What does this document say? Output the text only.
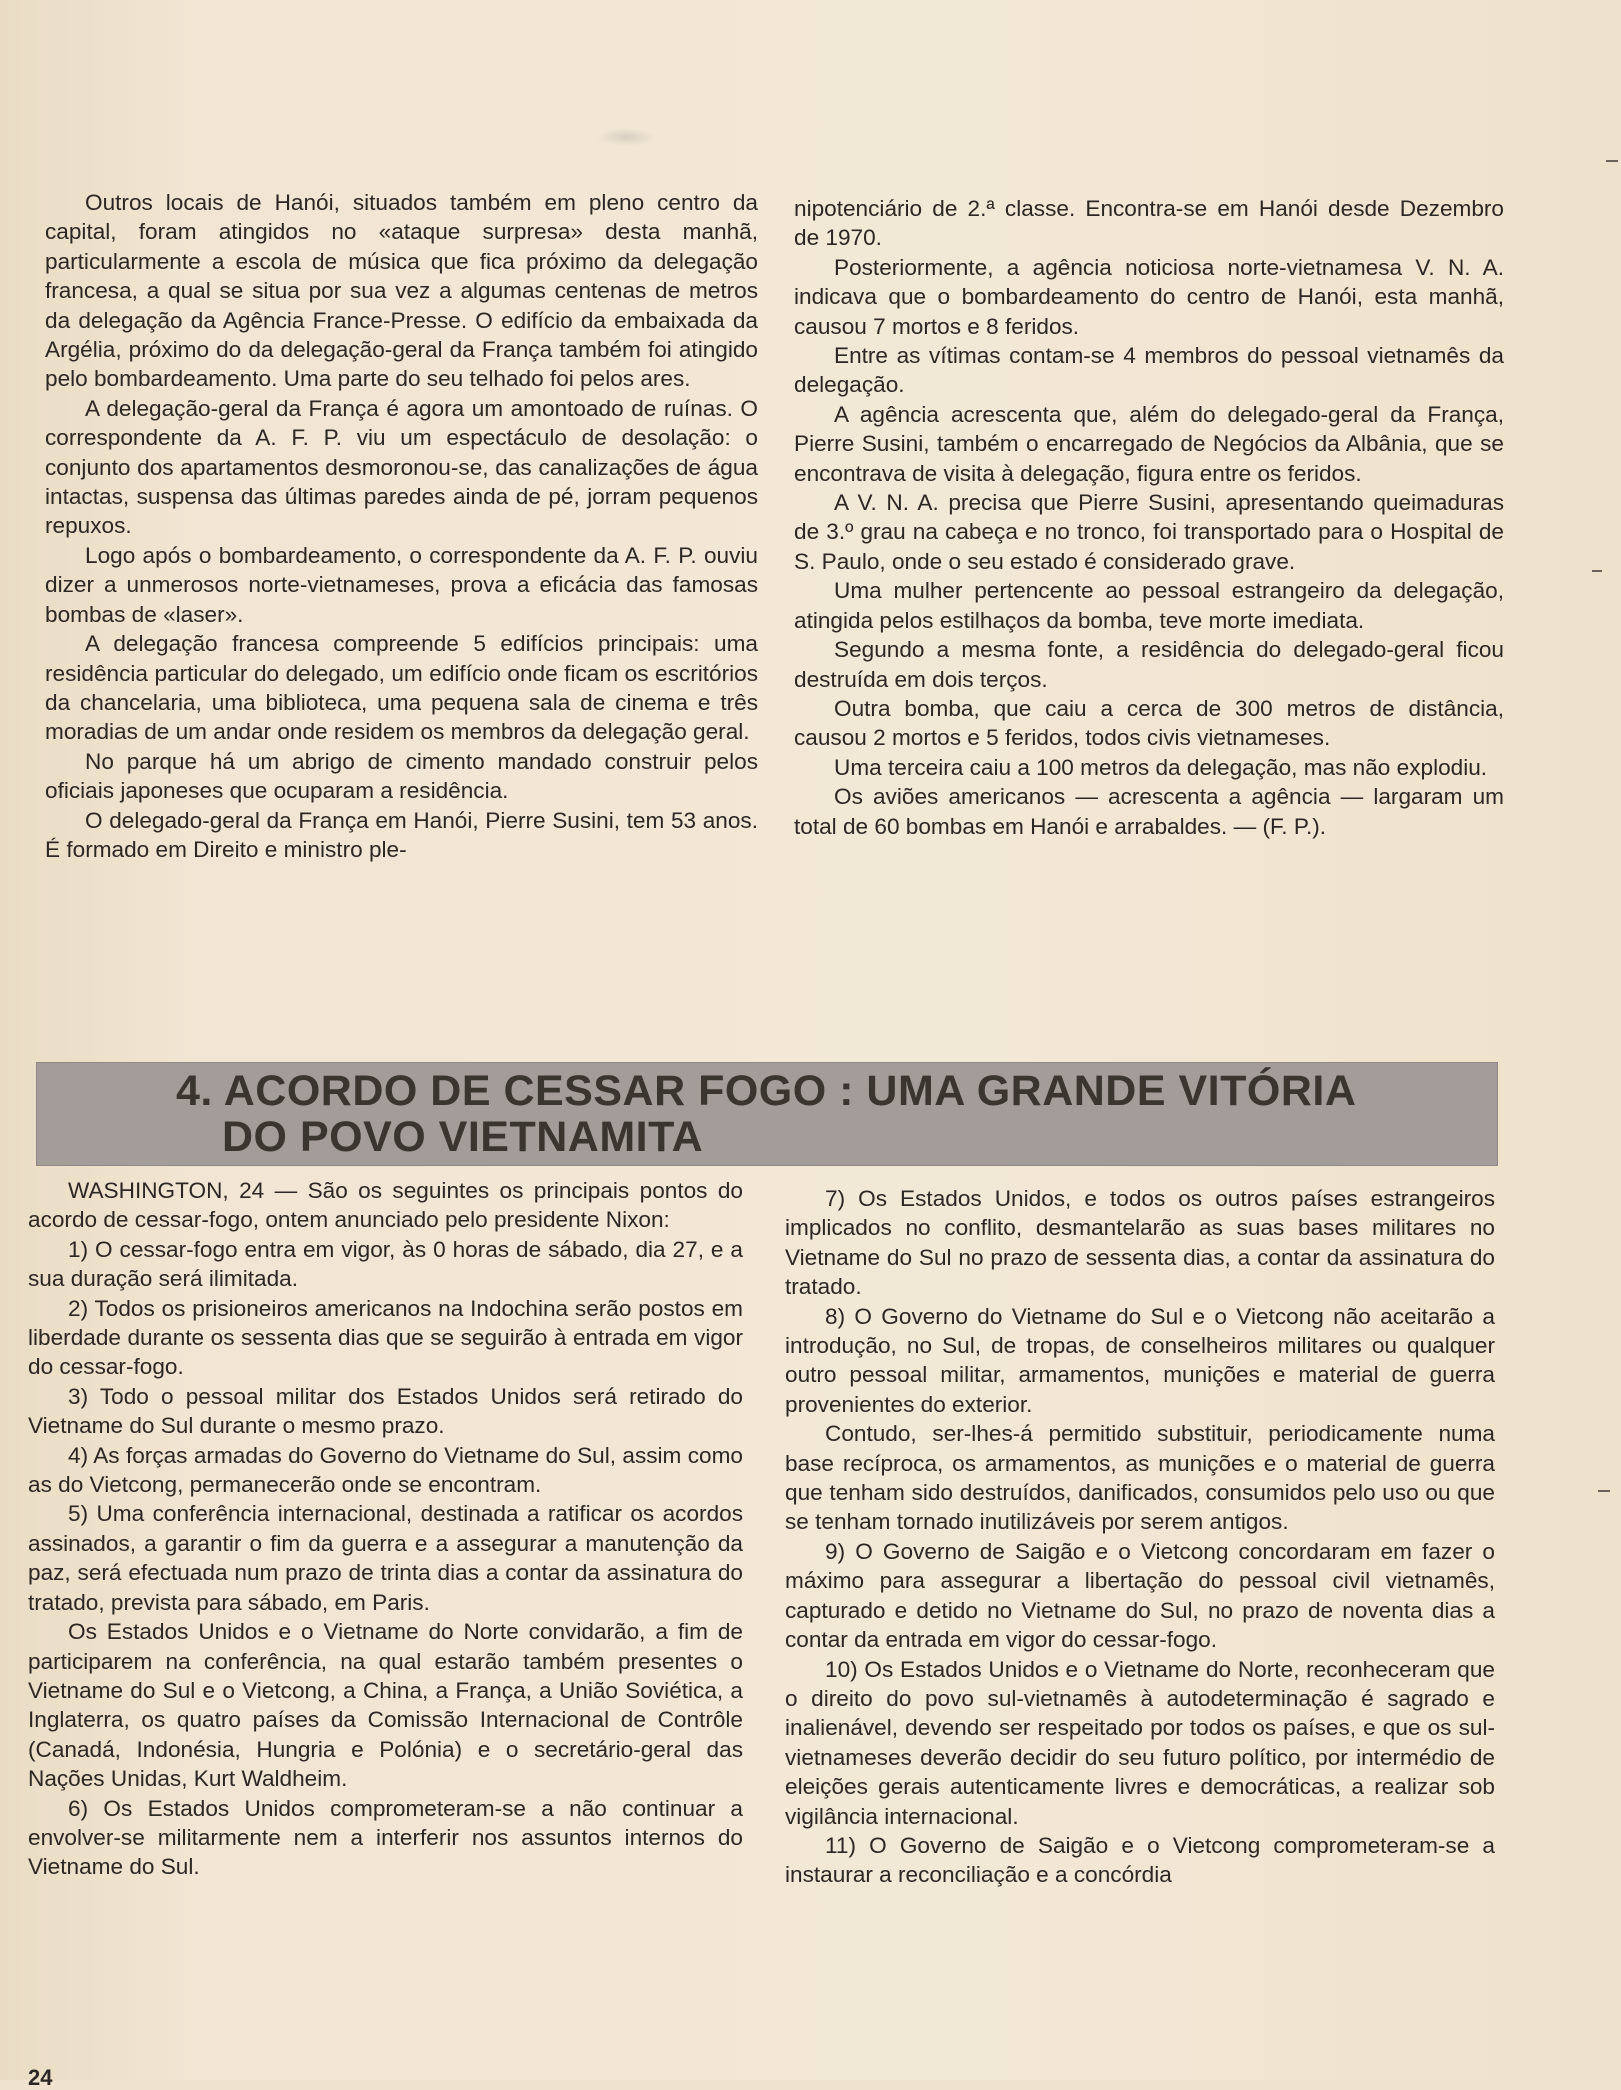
Outros locais de Hanói, situados também em pleno centro da capital, foram atingidos no «ataque surpresa» desta manhã, particularmente a escola de música que fica próximo da delegação francesa, a qual se situa por sua vez a algumas centenas de metros da delegação da Agência France-Presse. O edifício da embaixada da Argélia, próximo do da delegação-geral da França também foi atingido pelo bombardeamento. Uma parte do seu telhado foi pelos ares.

A delegação-geral da França é agora um amontoado de ruínas. O correspondente da A. F. P. viu um espectáculo de desolação: o conjunto dos apartamentos desmoronou-se, das canalizações de água intactas, suspensa das últimas paredes ainda de pé, jorram pequenos repuxos.

Logo após o bombardeamento, o correspondente da A. F. P. ouviu dizer a unmerosos norte-vietnameses, prova a eficácia das famosas bombas de «laser».

A delegação francesa compreende 5 edifícios principais: uma residência particular do delegado, um edifício onde ficam os escritórios da chancelaria, uma biblioteca, uma pequena sala de cinema e três moradias de um andar onde residem os membros da delegação geral.

No parque há um abrigo de cimento mandado construir pelos oficiais japoneses que ocuparam a residência.

O delegado-geral da França em Hanói, Pierre Susini, tem 53 anos. É formado em Direito e ministro ple-

nipotenciário de 2.ª classe. Encontra-se em Hanói desde Dezembro de 1970.

Posteriormente, a agência noticiosa norte-vietnamesa V. N. A. indicava que o bombardeamento do centro de Hanói, esta manhã, causou 7 mortos e 8 feridos.

Entre as vítimas contam-se 4 membros do pessoal vietnamês da delegação.

A agência acrescenta que, além do delegado-geral da França, Pierre Susini, também o encarregado de Negócios da Albânia, que se encontrava de visita à delegação, figura entre os feridos.

A V. N. A. precisa que Pierre Susini, apresentando queimaduras de 3.º grau na cabeça e no tronco, foi transportado para o Hospital de S. Paulo, onde o seu estado é considerado grave.

Uma mulher pertencente ao pessoal estrangeiro da delegação, atingida pelos estilhaços da bomba, teve morte imediata.

Segundo a mesma fonte, a residência do delegado-geral ficou destruída em dois terços.

Outra bomba, que caiu a cerca de 300 metros de distância, causou 2 mortos e 5 feridos, todos civis vietnameses.

Uma terceira caiu a 100 metros da delegação, mas não explodiu.

Os aviões americanos — acrescenta a agência — largaram um total de 60 bombas em Hanói e arrabaldes. — (F. P.).

4. ACORDO DE CESSAR FOGO : UMA GRANDE VITÓRIA
DO POVO VIETNAMITA

WASHINGTON, 24 — São os seguintes os principais pontos do acordo de cessar-fogo, ontem anunciado pelo presidente Nixon:

1) O cessar-fogo entra em vigor, às 0 horas de sábado, dia 27, e a sua duração será ilimitada.

2) Todos os prisioneiros americanos na Indochina serão postos em liberdade durante os sessenta dias que se seguirão à entrada em vigor do cessar-fogo.

3) Todo o pessoal militar dos Estados Unidos será retirado do Vietname do Sul durante o mesmo prazo.

4) As forças armadas do Governo do Vietname do Sul, assim como as do Vietcong, permanecerão onde se encontram.

5) Uma conferência internacional, destinada a ratificar os acordos assinados, a garantir o fim da guerra e a assegurar a manutenção da paz, será efectuada num prazo de trinta dias a contar da assinatura do tratado, prevista para sábado, em Paris.

Os Estados Unidos e o Vietname do Norte convidarão, a fim de participarem na conferência, na qual estarão também presentes o Vietname do Sul e o Vietcong, a China, a França, a União Soviética, a Inglaterra, os quatro países da Comissão Internacional de Contrôle (Canadá, Indonésia, Hungria e Polónia) e o secretário-geral das Nações Unidas, Kurt Waldheim.

6) Os Estados Unidos comprometeram-se a não continuar a envolver-se militarmente nem a interferir nos assuntos internos do Vietname do Sul.

7) Os Estados Unidos, e todos os outros países estrangeiros implicados no conflito, desmantelarão as suas bases militares no Vietname do Sul no prazo de sessenta dias, a contar da assinatura do tratado.

8) O Governo do Vietname do Sul e o Vietcong não aceitarão a introdução, no Sul, de tropas, de conselheiros militares ou qualquer outro pessoal militar, armamentos, munições e material de guerra provenientes do exterior.

Contudo, ser-lhes-á permitido substituir, periodicamente numa base recíproca, os armamentos, as munições e o material de guerra que tenham sido destruídos, danificados, consumidos pelo uso ou que se tenham tornado inutilizáveis por serem antigos.

9) O Governo de Saigão e o Vietcong concordaram em fazer o máximo para assegurar a libertação do pessoal civil vietnamês, capturado e detido no Vietname do Sul, no prazo de noventa dias a contar da entrada em vigor do cessar-fogo.

10) Os Estados Unidos e o Vietname do Norte, reconheceram que o direito do povo sul-vietnamês à autodeterminação é sagrado e inalienável, devendo ser respeitado por todos os países, e que os sul-vietnameses deverão decidir do seu futuro político, por intermédio de eleições gerais autenticamente livres e democráticas, a realizar sob vigilância internacional.

11) O Governo de Saigão e o Vietcong comprometeram-se a instaurar a reconciliação e a concórdia

24
